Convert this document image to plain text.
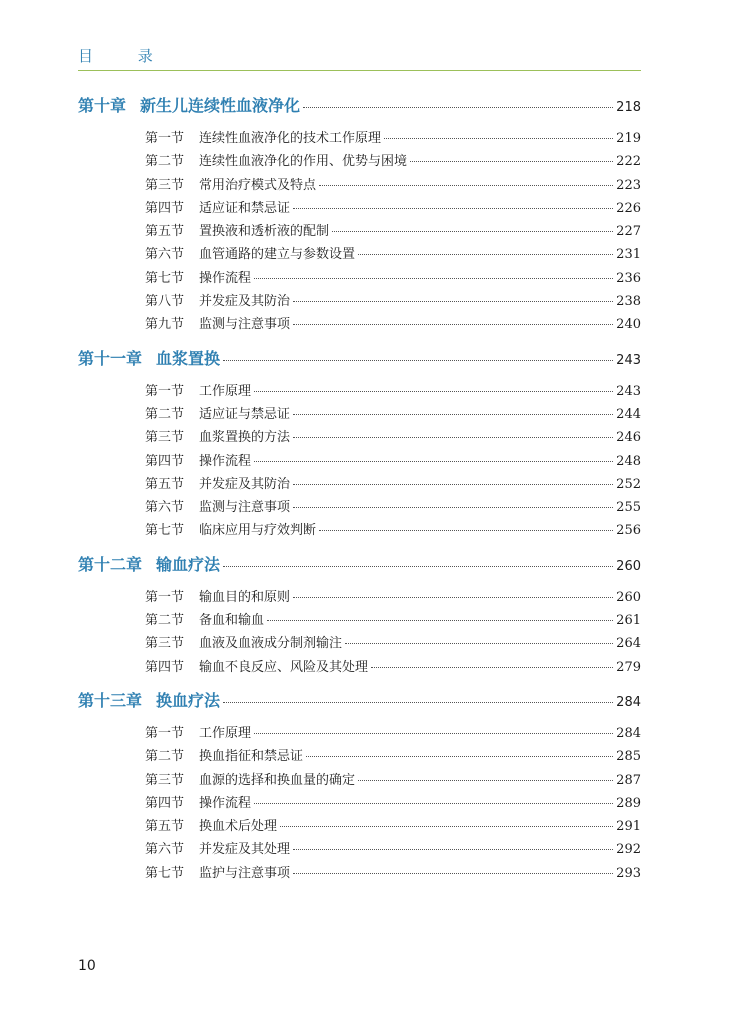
目 录
第十章 新生儿连续性血液净化	218
第一节	连续性血液净化的技术工作原理	219
第二节	连续性血液净化的作用、优势与困境	222
第三节	常用治疗模式及特点	223
第四节	适应证和禁忌证	226
第五节	置换液和透析液的配制	227
第六节	血管通路的建立与参数设置	231
第七节	操作流程	236
第八节	并发症及其防治	238
第九节	监测与注意事项	240
第十一章 血浆置换	243
第一节	工作原理	243
第二节	适应证与禁忌证	244
第三节	血浆置换的方法	246
第四节	操作流程	248
第五节	并发症及其防治	252
第六节	监测与注意事项	255
第七节	临床应用与疗效判断	256
第十二章 输血疗法	260
第一节	输血目的和原则	260
第二节	备血和输血	261
第三节	血液及血液成分制剂输注	264
第四节	输血不良反应、风险及其处理	279
第十三章 换血疗法	284
第一节	工作原理	284
第二节	换血指征和禁忌证	285
第三节	血源的选择和换血量的确定	287
第四节	操作流程	289
第五节	换血术后处理	291
第六节	并发症及其处理	292
第七节	监护与注意事项	293
10
